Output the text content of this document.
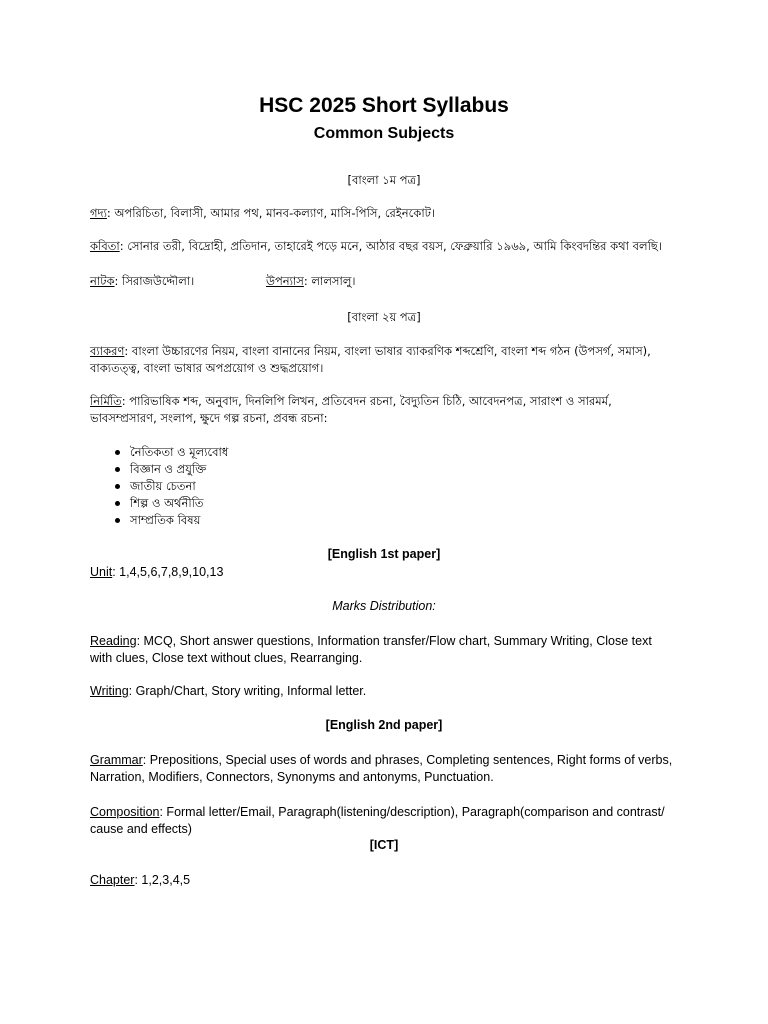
HSC 2025 Short Syllabus
Common Subjects
[বাংলা ১ম পত্র]
গদ্য: অপরিচিতা, বিলাসী, আমার পথ, মানব-কল্যাণ, মাসি-পিসি, রেইনকোট।
কবিতা: সোনার তরী, বিদ্রোহী, প্রতিদান, তাহারেই পড়ে মনে, আঠার বছর বয়স, ফেব্রুয়ারি ১৯৬৯, আমি কিংবদন্তির কথা বলছি।
নাটক: সিরাজউদ্দৌলা।	উপন্যাস: লালসালু।
[বাংলা ২য় পত্র]
ব্যাকরণ: বাংলা উচ্চারণের নিয়ম, বাংলা বানানের নিয়ম, বাংলা ভাষার ব্যাকরণিক শব্দশ্রেণি, বাংলা শব্দ গঠন (উপসর্গ, সমাস),
বাক্যতত্ত্ব, বাংলা ভাষার অপপ্রয়োগ ও শুদ্ধপ্রয়োগ।
নির্মিতি: পারিভাষিক শব্দ, অনুবাদ, দিনলিপি লিখন, প্রতিবেদন রচনা, বৈদ্যুতিন চিঠি, আবেদনপত্র, সারাংশ ও সারমর্ম,
ভাবসম্প্রসারণ, সংলাপ, ক্ষুদে গল্প রচনা, প্রবন্ধ রচনা:
নৈতিকতা ও মূল্যবোধ
বিজ্ঞান ও প্রযুক্তি
জাতীয় চেতনা
শিল্প ও অর্থনীতি
সাম্প্রতিক বিষয়
[English 1st paper]
Unit: 1,4,5,6,7,8,9,10,13
Marks Distribution:
Reading: MCQ, Short answer questions, Information transfer/Flow chart, Summary Writing, Close text
with clues, Close text without clues, Rearranging.
Writing: Graph/Chart, Story writing, Informal letter.
[English 2nd paper]
Grammar: Prepositions, Special uses of words and phrases, Completing sentences, Right forms of verbs,
Narration, Modifiers, Connectors, Synonyms and antonyms, Punctuation.
Composition: Formal letter/Email, Paragraph(listening/description), Paragraph(comparison and contrast/
cause and effects)
[ICT]
Chapter: 1,2,3,4,5
